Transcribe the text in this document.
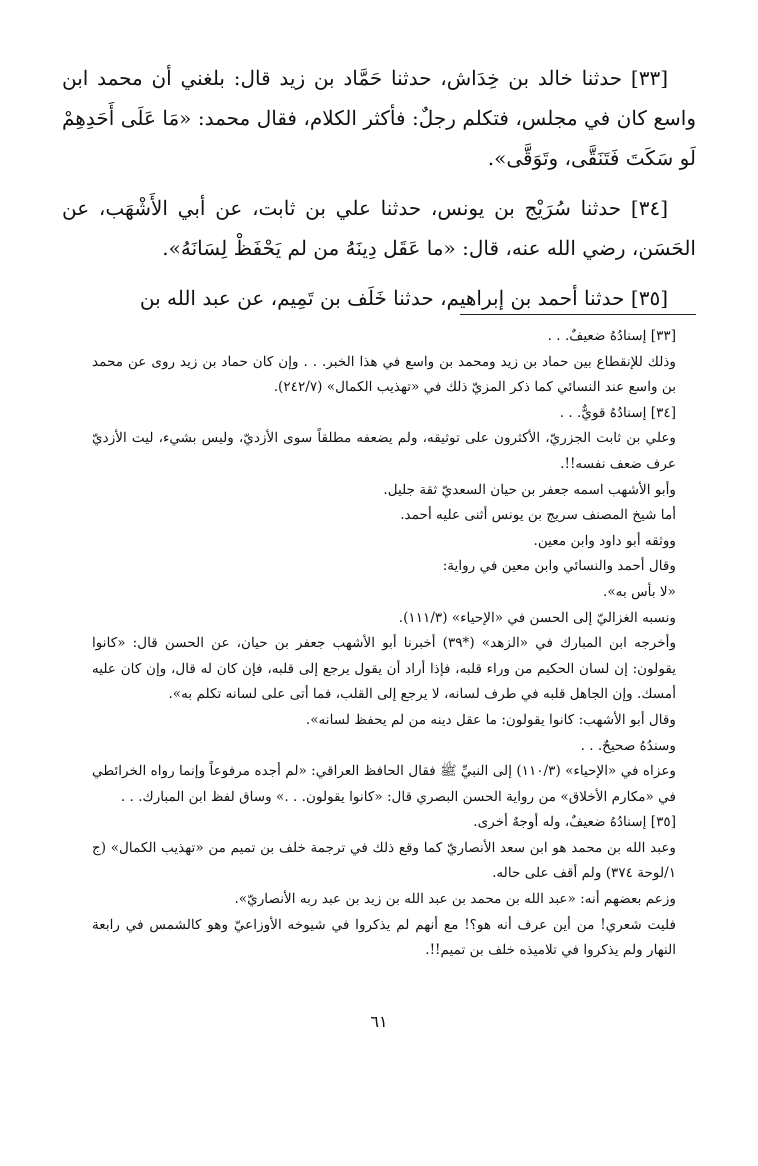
[٣٣] حدثنا خالد بن خِدَاش، حدثنا حَمَّاد بن زيد قال: بلغني أن محمد ابن واسع كان في مجلس، فتكلم رجلٌ: فأكثر الكلام، فقال محمد: «مَا عَلَى أَحَدِهِمْ لَو سَكَتَ فَتَنَقَّى، وتَوَقَّى».

[٣٤] حدثنا سُرَيْج بن يونس، حدثنا علي بن ثابت، عن أبي الأَشْهَب، عن الحَسَن، رضي الله عنه، قال: «ما عَقَل دِينَهُ من لم يَحْفَظْ لِسَانَهُ».

[٣٥] حدثنا أحمد بن إبراهيم، حدثنا خَلَف بن تَمِيم، عن عبد الله بن

[٣٣] إسنادُهُ ضعيفٌ. . .

وذلك للإنقطاع بين حماد بن زيد ومحمد بن واسع في هذا الخبر. . . وإن كان حماد بن زيد روى عن محمد بن واسع عند النسائي كما ذكر المزيّ ذلك في «تهذيب الكمال» (٢٤٢/٧).

[٣٤] إسنادُهُ قويٌّ. . .

وعلي بن ثابت الجزريّ، الأكثرون على توثيقه، ولم يضعفه مطلقاً سوى الأزديّ، وليس بشيء، ليت الأزديّ عرف ضعف نفسه!!.

وأبو الأشهب اسمه جعفر بن حيان السعديّ ثقة جليل.

أما شيخ المصنف سريج بن يونس أثنى عليه أحمد.

ووثقه أبو داود وابن معين.

وقال أحمد والنسائي وابن معين في رواية:

«لا بأس به».

ونسبه الغزاليّ إلى الحسن في «الإحياء» (١١١/٣).

وأخرجه ابن المبارك في «الزهد» (*٣٩) أخبرنا أبو الأشهب جعفر بن حيان، عن الحسن قال: «كانوا يقولون: إن لسان الحكيم من وراء قلبه، فإذا أراد أن يقول يرجع إلى قلبه، فإن كان له قال، وإن كان عليه أمسك. وإن الجاهل قلبه في طرف لسانه، لا يرجع إلى القلب، فما أتى على لسانه تكلم به».

وقال أبو الأشهب: كانوا يقولون: ما عقل دينه من لم يحفظ لسانه».

وسندُهُ صحيحٌ. . .

وعزاه في «الإحياء» (١١٠/٣) إلى النبيِّ ﷺ فقال الحافظ العراقي: «لم أجده مرفوعاً وإنما رواه الخرائطي في «مكارم الأخلاق» من رواية الحسن البصري قال: «كانوا يقولون. . .» وساق لفظ ابن المبارك. . .

[٣٥] إسنادُهُ ضعيفٌ، وله أوجهٌ أخرى.

وعبد الله بن محمد هو ابن سعد الأنصاريّ كما وقع ذلك في ترجمة خلف بن تميم من «تهذيب الكمال» (ج ١/لوحة ٣٧٤) ولم أقف على حاله.

وزعم بعضهم أنه: «عبد الله بن محمد بن عبد الله بن زيد بن عبد ربه الأنصاريّ».

فليت شعري! من أين عرف أنه هو؟! مع أنهم لم يذكروا في شيوخه الأوزاعيّ وهو كالشمس في رابعة النهار ولم يذكروا في تلاميذه خلف بن تميم!!.

٦١
